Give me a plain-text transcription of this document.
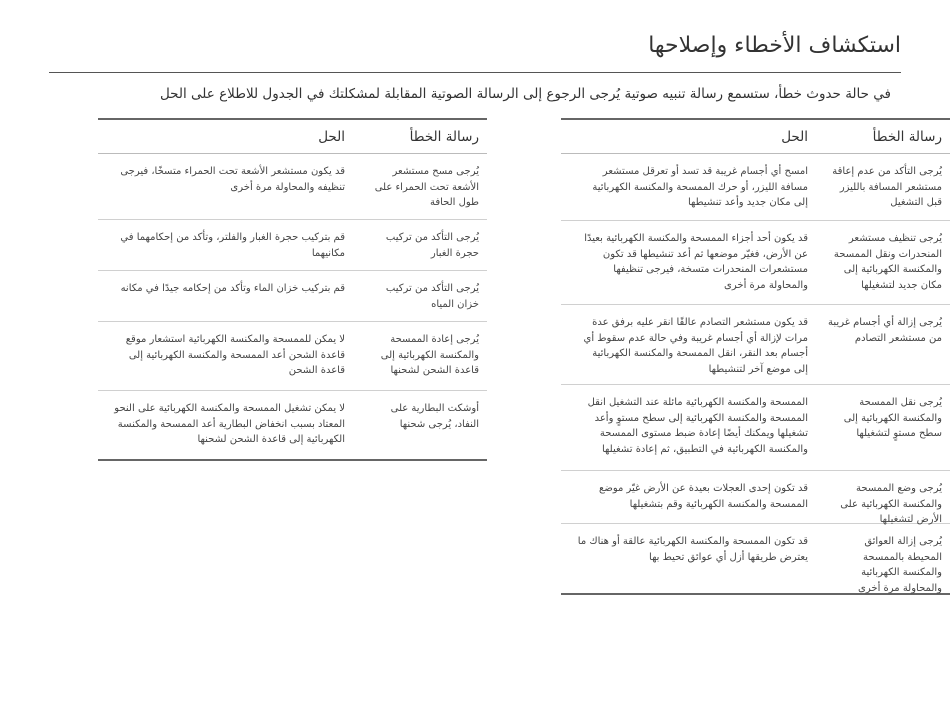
استكشاف الأخطاء وإصلاحها

في حالة حدوث خطأ، ستسمع رسالة تنبيه صوتية يُرجى الرجوع إلى الرسالة الصوتية المقابلة لمشكلتك في الجدول للاطلاع على الحل

رسالة الخطأ
الحل
يُرجى التأكد من عدم إعاقة مستشعر المسافة بالليزر قبل التشغيل
امسح أي أجسام غريبة قد تسد أو تعرقل مستشعر مسافة الليزر، أو حرك الممسحة والمكنسة الكهربائية إلى مكان جديد وأعد تنشيطها
يُرجى تنظيف مستشعر المنحدرات ونقل الممسحة والمكنسة الكهربائية إلى مكان جديد لتشغيلها
قد يكون أحد أجزاء الممسحة والمكنسة الكهربائية بعيدًا عن الأرض، فغيّر موضعها ثم أعد تنشيطها قد تكون مستشعرات المنحدرات متسخة، فيرجى تنظيفها والمحاولة مرة أخرى
يُرجى إزالة أي أجسام غريبة من مستشعر التصادم
قد يكون مستشعر التصادم عالقًا انقر عليه برفق عدة مرات لإزالة أي أجسام غريبة وفي حالة عدم سقوط أي أجسام بعد النقر، انقل الممسحة والمكنسة الكهربائية إلى موضع آخر لتنشيطها
يُرجى نقل الممسحة والمكنسة الكهربائية إلى سطح مستوٍ لتشغيلها
الممسحة والمكنسة الكهربائية مائلة عند التشغيل انقل الممسحة والمكنسة الكهربائية إلى سطح مستوٍ وأعد تشغيلها ويمكنك أيضًا إعادة ضبط مستوى الممسحة والمكنسة الكهربائية في التطبيق، ثم إعادة تشغيلها
يُرجى وضع الممسحة والمكنسة الكهربائية على الأرض لتشغيلها
قد تكون إحدى العجلات بعيدة عن الأرض غيّر موضع الممسحة والمكنسة الكهربائية وقم بتشغيلها
يُرجى إزالة العوائق المحيطة بالممسحة والمكنسة الكهربائية والمحاولة مرة أخرى
قد تكون الممسحة والمكنسة الكهربائية عالقة أو هناك ما يعترض طريقها أزل أي عوائق تحيط بها
رسالة الخطأ
الحل
يُرجى مسح مستشعر الأشعة تحت الحمراء على طول الحافة
قد يكون مستشعر الأشعة تحت الحمراء متسخًا، فيرجى تنظيفه والمحاولة مرة أخرى
يُرجى التأكد من تركيب حجرة الغبار
قم بتركيب حجرة الغبار والفلتر، وتأكد من إحكامهما في مكانيهما
يُرجى التأكد من تركيب خزان المياه
قم بتركيب خزان الماء وتأكد من إحكامه جيدًا في مكانه
يُرجى إعادة الممسحة والمكنسة الكهربائية إلى قاعدة الشحن لشحنها
لا يمكن للممسحة والمكنسة الكهربائية استشعار موقع قاعدة الشحن أعد الممسحة والمكنسة الكهربائية إلى قاعدة الشحن
أوشكت البطارية على النفاد، يُرجى شحنها
لا يمكن تشغيل الممسحة والمكنسة الكهربائية على النحو المعتاد بسبب انخفاض البطارية أعد الممسحة والمكنسة الكهربائية إلى قاعدة الشحن لشحنها
